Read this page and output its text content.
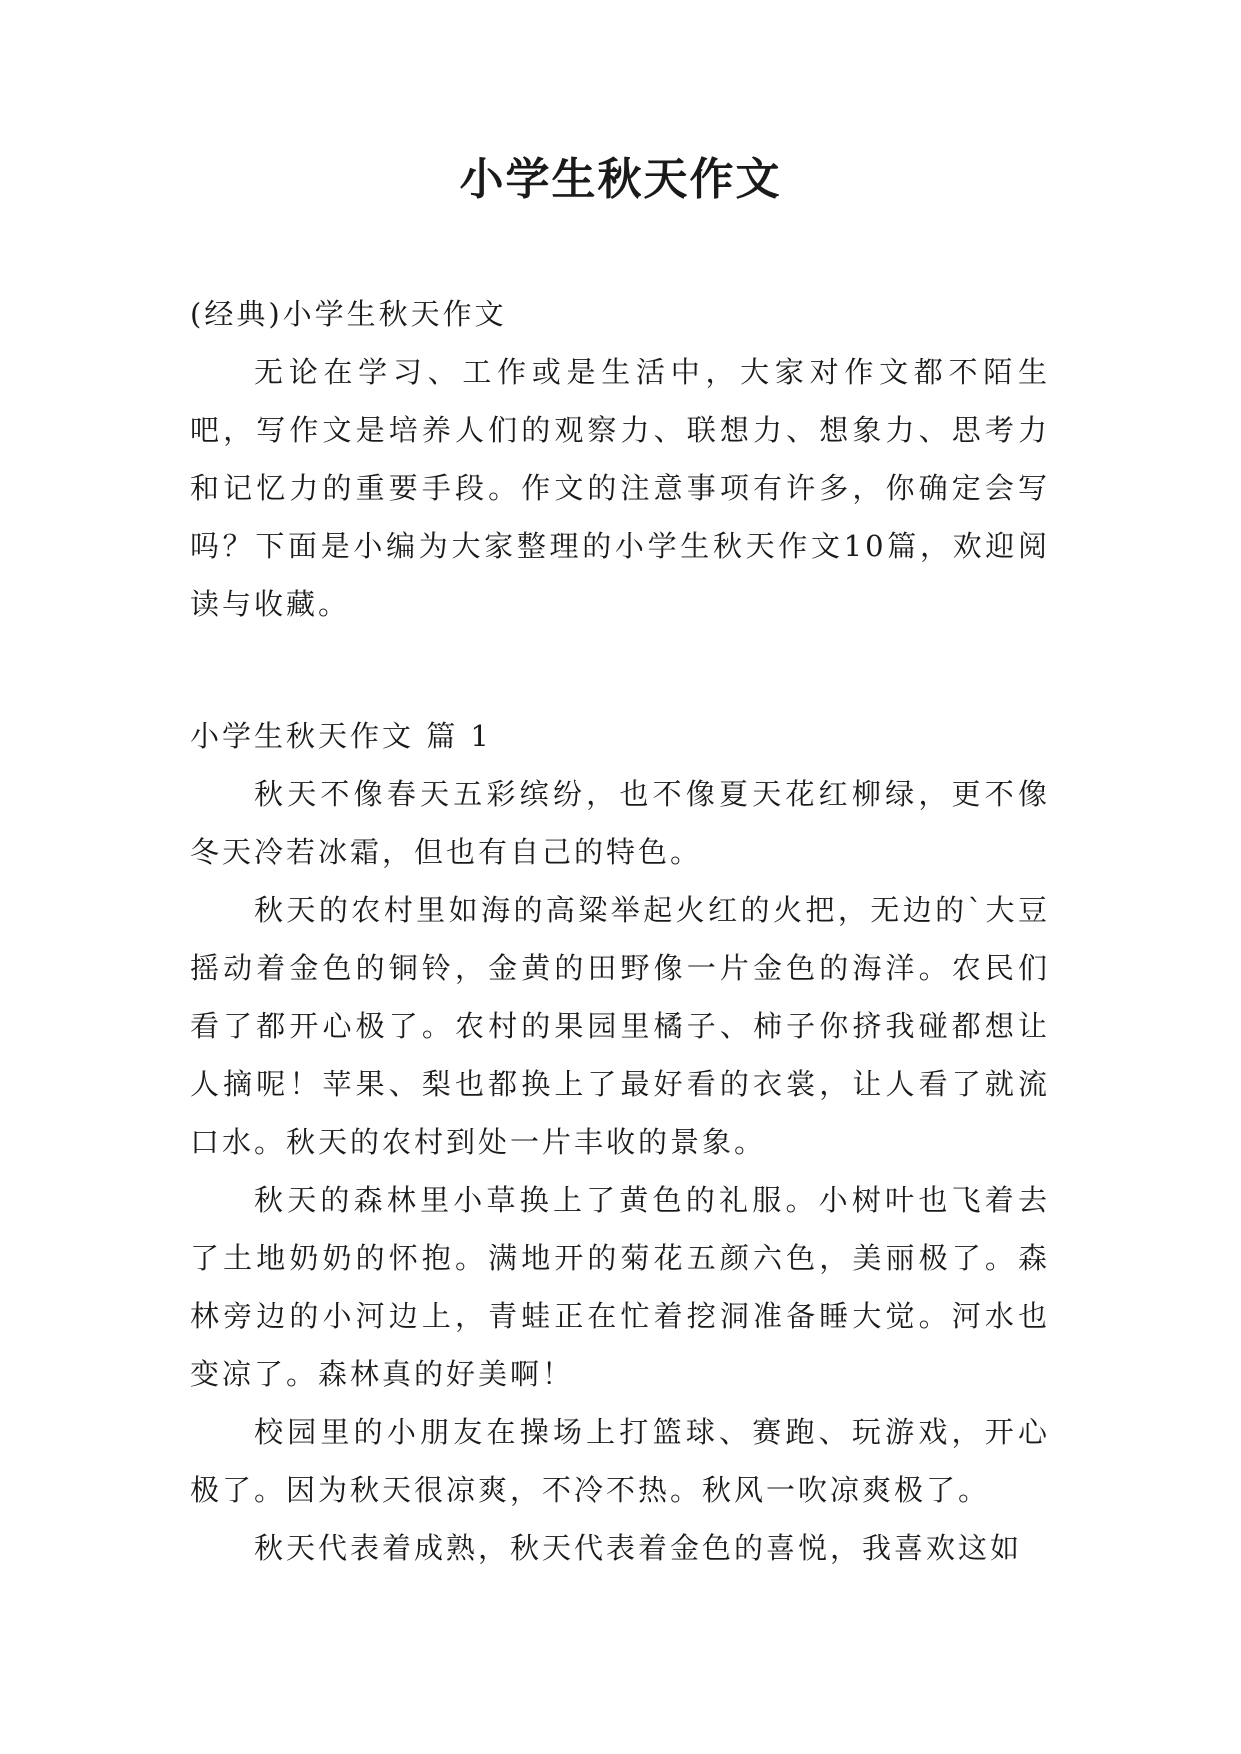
小学生秋天作文

(经典)小学生秋天作文

无论在学习、工作或是生活中，大家对作文都不陌生吧，写作文是培养人们的观察力、联想力、想象力、思考力和记忆力的重要手段。作文的注意事项有许多，你确定会写吗？下面是小编为大家整理的小学生秋天作文10篇，欢迎阅读与收藏。

小学生秋天作文 篇 1

秋天不像春天五彩缤纷，也不像夏天花红柳绿，更不像冬天冷若冰霜，但也有自己的特色。

秋天的农村里如海的高粱举起火红的火把，无边的`大豆摇动着金色的铜铃，金黄的田野像一片金色的海洋。农民们看了都开心极了。农村的果园里橘子、柿子你挤我碰都想让人摘呢！苹果、梨也都换上了最好看的衣裳，让人看了就流口水。秋天的农村到处一片丰收的景象。

秋天的森林里小草换上了黄色的礼服。小树叶也飞着去了土地奶奶的怀抱。满地开的菊花五颜六色，美丽极了。森林旁边的小河边上，青蛙正在忙着挖洞准备睡大觉。河水也变凉了。森林真的好美啊！

校园里的小朋友在操场上打篮球、赛跑、玩游戏，开心极了。因为秋天很凉爽，不冷不热。秋风一吹凉爽极了。

秋天代表着成熟，秋天代表着金色的喜悦，我喜欢这如
